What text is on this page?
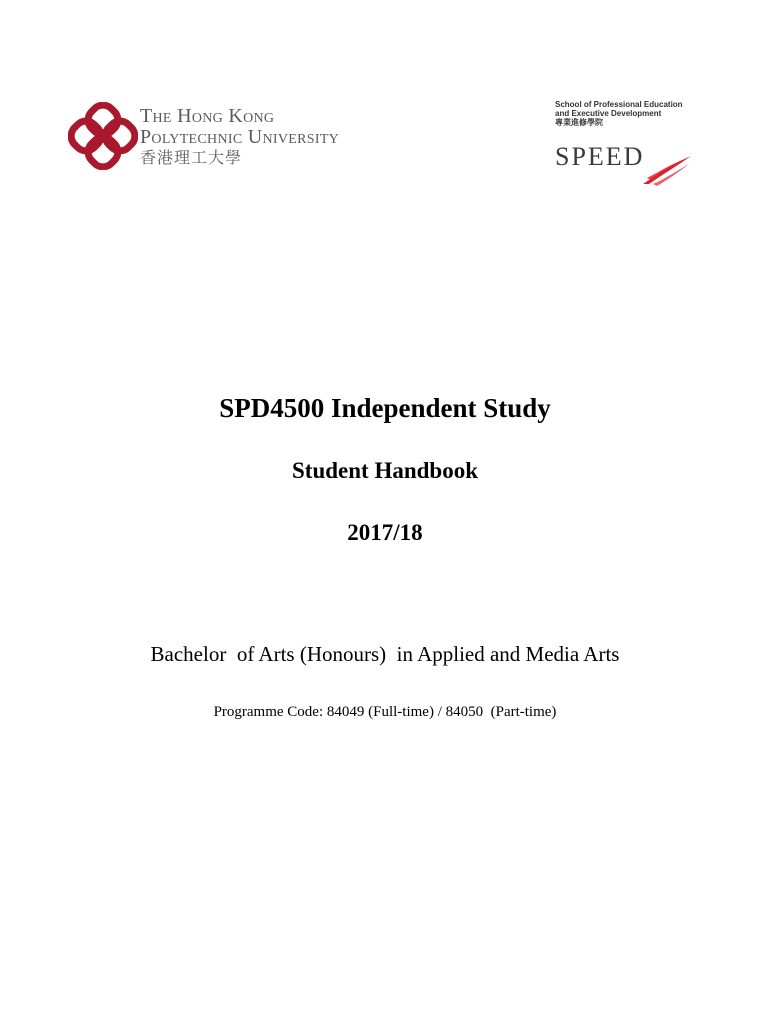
The Hong Kong
Polytechnic University
香港理工大學
School of Professional Education
and Executive Development
專業進修學院
SPEED
SPD4500 Independent Study
Student Handbook
2017/18
Bachelor  of Arts (Honours)  in Applied and Media Arts
Programme Code: 84049 (Full-time) / 84050  (Part-time)
